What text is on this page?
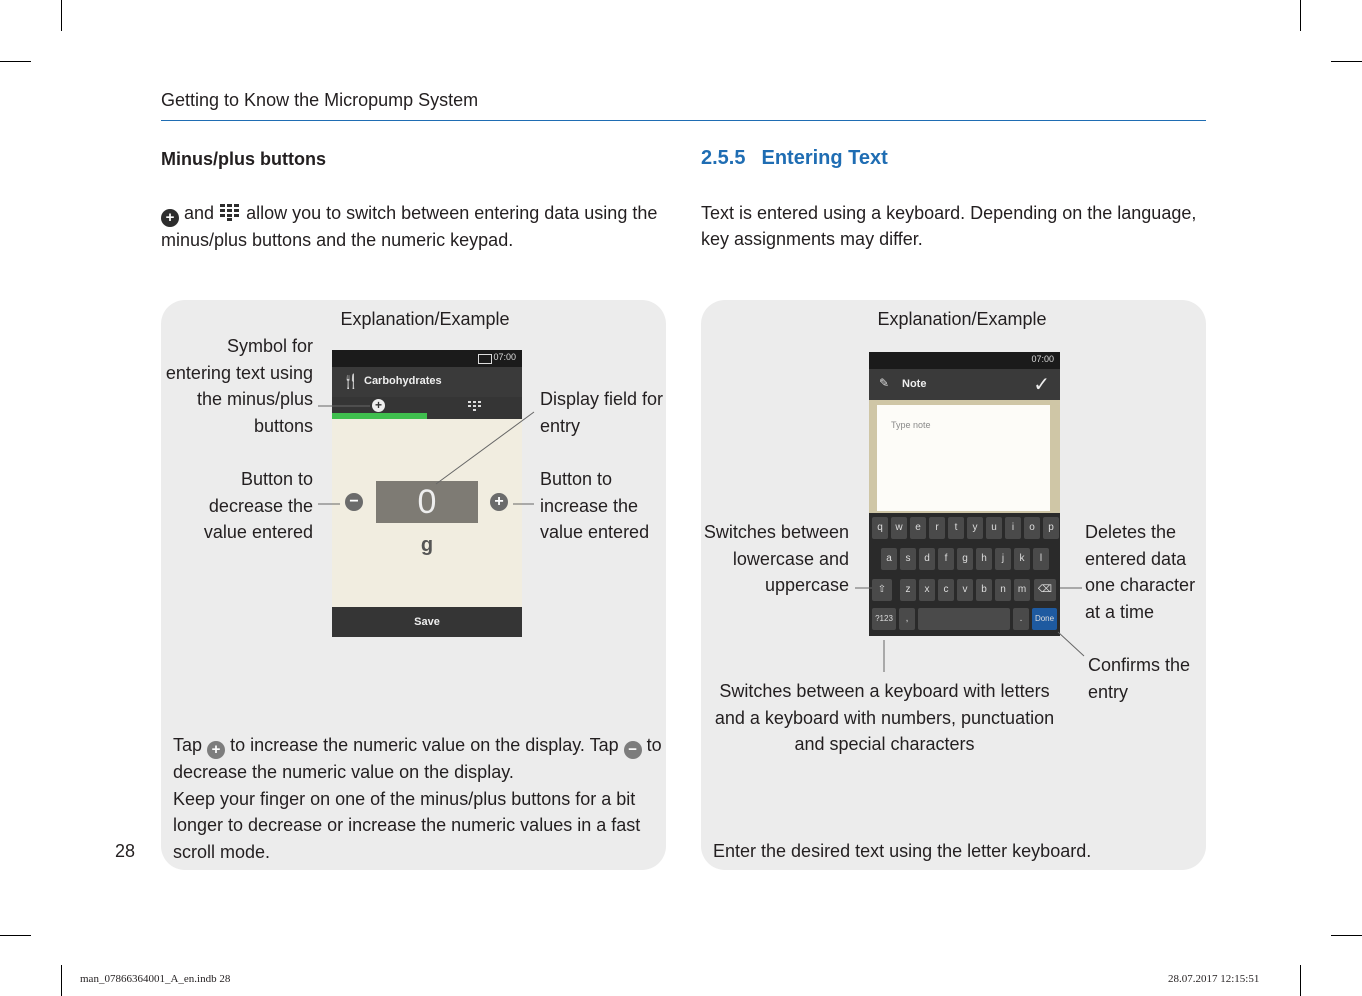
Getting to Know the Micropump System
Minus/plus buttons
+ and allow you to switch between entering data using the
minus/plus buttons and the numeric keypad.
Explanation/Example
Symbol for entering text using the minus/plus buttons
Display field for entry
Button to decrease the value entered
Button to increase the value entered
07:00
🍴 Carbohydrates
+
−	0	+
g
Save
Tap + to increase the numeric value on the display. Tap − to
decrease the numeric value on the display.
Keep your finger on one of the minus/plus buttons for a bit
longer to decrease or increase the numeric values in a fast
scroll mode.
28
2.5.5 Entering Text
Text is entered using a keyboard. Depending on the language,
key assignments may differ.
Explanation/Example
Switches between lowercase and uppercase
Deletes the entered data one character at a time
Confirms the entry
Switches between a keyboard with letters and a keyboard with numbers, punctuation and special characters
07:00
✎ Note	✓
Type note
⇧	⌫
?123	,	.	Done
q	w	e	r	t	y	u	i	o	p
a	s	d	f	g	h	j	k	l
z	x	c	v	b	n	m
Enter the desired text using the letter keyboard.
man_07866364001_A_en.indb 28	28.07.2017 12:15:51
